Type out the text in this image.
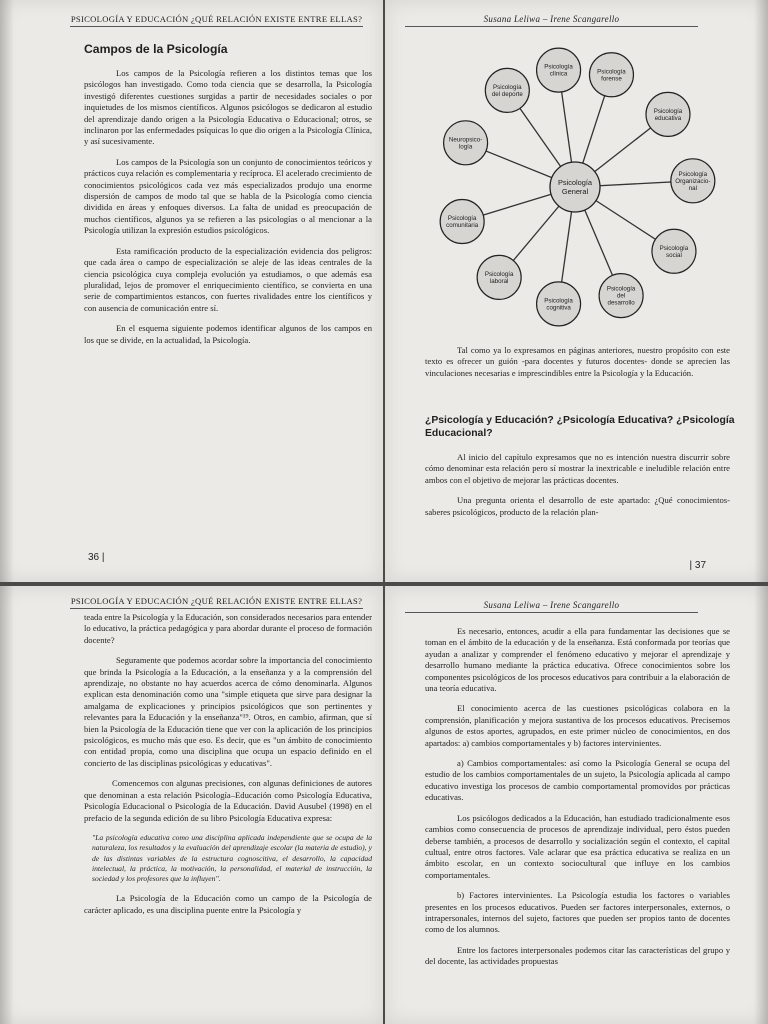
PSICOLOGÍA Y EDUCACIÓN ¿QUÉ RELACIÓN EXISTE ENTRE ELLAS?
Campos de la Psicología

Los campos de la Psicología refieren a los distintos temas que los psicólogos han investigado. Como toda ciencia que se desarrolla, la Psicología investigó diferentes cuestiones surgidas a partir de necesidades sociales o por inquietudes de los mismos científicos. Algunos psicólogos se dedicaron al estudio del aprendizaje dando origen a la Psicología Educativa o Educacional; otros, se inclinaron por las enfermedades psíquicas lo que dio origen a la Psicología Clínica, y así sucesivamente.

Los campos de la Psicología son un conjunto de conocimientos teóricos y prácticos cuya relación es complementaria y recíproca. El acelerado crecimiento de conocimientos psicológicos cada vez más especializados produjo una enorme dispersión de campos de modo tal que se habla de la Psicología como ciencia dividida en áreas y enfoques diversos. La falta de unidad es preocupación de muchos científicos, algunos ya se refieren a las psicologías o al mencionar a la Psicología utilizan la expresión estudios psicológicos.

Esta ramificación producto de la especialización evidencia dos peligros: que cada área o campo de especialización se aleje de las ideas centrales de la ciencia psicológica cuya compleja evolución ya estudiamos, o que además esa pluralidad, lejos de promover el enriquecimiento científico, se convierta en una serie de compartimientos estancos, con fuertes rivalidades entre los científicos y con ausencia de comunicación entre sí.

En el esquema siguiente podemos identificar algunos de los campos en los que se divide, en la actualidad, la Psicología.

36 |
Susana Leliwa – Irene Scangarello
Psicología
clínica	Psicología
forense
Psicología
educativa
Psicología
Organizacio-
nal
Psicología
social
Psicología
del
desarrollo
Psicología
cognitiva
Psicología
laboral
Psicología
comunitaria
Neuropsico-
logía
Psicología
del deporte
Psicología
General

Tal como ya lo expresamos en páginas anteriores, nuestro propósito con este texto es ofrecer un guión -para docentes y futuros docentes- donde se aprecien las vinculaciones necesarias e imprescindibles entre la Psicología y la Educación.

¿Psicología y Educación? ¿Psicología Educativa? ¿Psicología Educacional?

Al inicio del capítulo expresamos que no es intención nuestra discurrir sobre cómo denominar esta relación pero sí mostrar la inextricable e ineludible relación entre ambos con el objetivo de mejorar las prácticas docentes.

Una pregunta orienta el desarrollo de este apartado: ¿Qué conocimientos-saberes psicológicos, producto de la relación plan-

| 37
PSICOLOGÍA Y EDUCACIÓN ¿QUÉ RELACIÓN EXISTE ENTRE ELLAS?

teada entre la Psicología y la Educación, son considerados necesarios para entender lo educativo, la práctica pedagógica y para abordar durante el proceso de formación docente?

Seguramente que podemos acordar sobre la importancia del conocimiento que brinda la Psicología a la Educación, a la enseñanza y a la comprensión del aprendizaje, no obstante no hay acuerdos acerca de cómo denominarla. Algunos explican esta denominación como una "simple etiqueta que sirve para designar la amalgama de explicaciones y principios psicológicos que son pertinentes y relevantes para la Educación y la enseñanza"¹⁹. Otros, en cambio, afirman, que sí bien la Psicología de la Educación tiene que ver con la aplicación de los principios psicológicos, es mucho más que eso. Es decir, que es "un ámbito de conocimiento con entidad propia, como una disciplina que ocupa un espacio definido en el concierto de las disciplinas psicológicas y educativas".

Comencemos con algunas precisiones, con algunas definiciones de autores que denominan a esta relación Psicología–Educación como Psicología Educativa, Psicología Educacional o Psicología de la Educación. David Ausubel (1998) en el prefacio de la segunda edición de su libro Psicología Educativa expresa:

"La psicología educativa como una disciplina aplicada independiente que se ocupa de la naturaleza, los resultados y la evaluación del aprendizaje escolar (la materia de estudio), y de las distintas variables de la estructura cognoscitiva, el desarrollo, la capacidad intelectual, la práctica, la motivación, la personalidad, el material de instrucción, la sociedad y los profesores que la influyen".

La Psicología de la Educación como un campo de la Psicología de carácter aplicado, es una disciplina puente entre la Psicología y

Susana Leliwa – Irene Scangarello

Es necesario, entonces, acudir a ella para fundamentar las decisiones que se toman en el ámbito de la educación y de la enseñanza. Está conformada por teorías que ayudan a analizar y comprender el fenómeno educativo y mejorar el aprendizaje y desarrollo humano mediante la práctica educativa. Ofrece conocimientos sobre los componentes psicológicos de los procesos educativos para contribuir a la elaboración de una teoría educativa.

El conocimiento acerca de las cuestiones psicológicas colabora en la comprensión, planificación y mejora sustantiva de los procesos educativos. Precisemos algunos de estos aportes, agrupados, en este primer núcleo de conocimientos, en dos apartados: a) cambios comportamentales y b) factores intervinientes.

a) Cambios comportamentales: así como la Psicología General se ocupa del estudio de los cambios comportamentales de un sujeto, la Psicología aplicada al campo educativo investiga los procesos de cambio comportamental promovidos por prácticas educativas.

Los psicólogos dedicados a la Educación, han estudiado tradicionalmente esos cambios como consecuencia de procesos de aprendizaje individual, pero éstos pueden deberse también, a procesos de desarrollo y socialización según el contexto, el capital cultual, entre otros factores. Vale aclarar que esa práctica educativa se realiza en un ámbito escolar, en un contexto sociocultural que influye en los cambios comportamentales.

b) Factores intervinientes. La Psicología estudia los factores o variables presentes en los procesos educativos. Pueden ser factores interpersonales, externos, o intrapersonales, internos del sujeto, factores que pueden ser propios tanto de docentes como de los alumnos.

Entre los factores interpersonales podemos citar las características del grupo y del docente, las actividades propuestas
